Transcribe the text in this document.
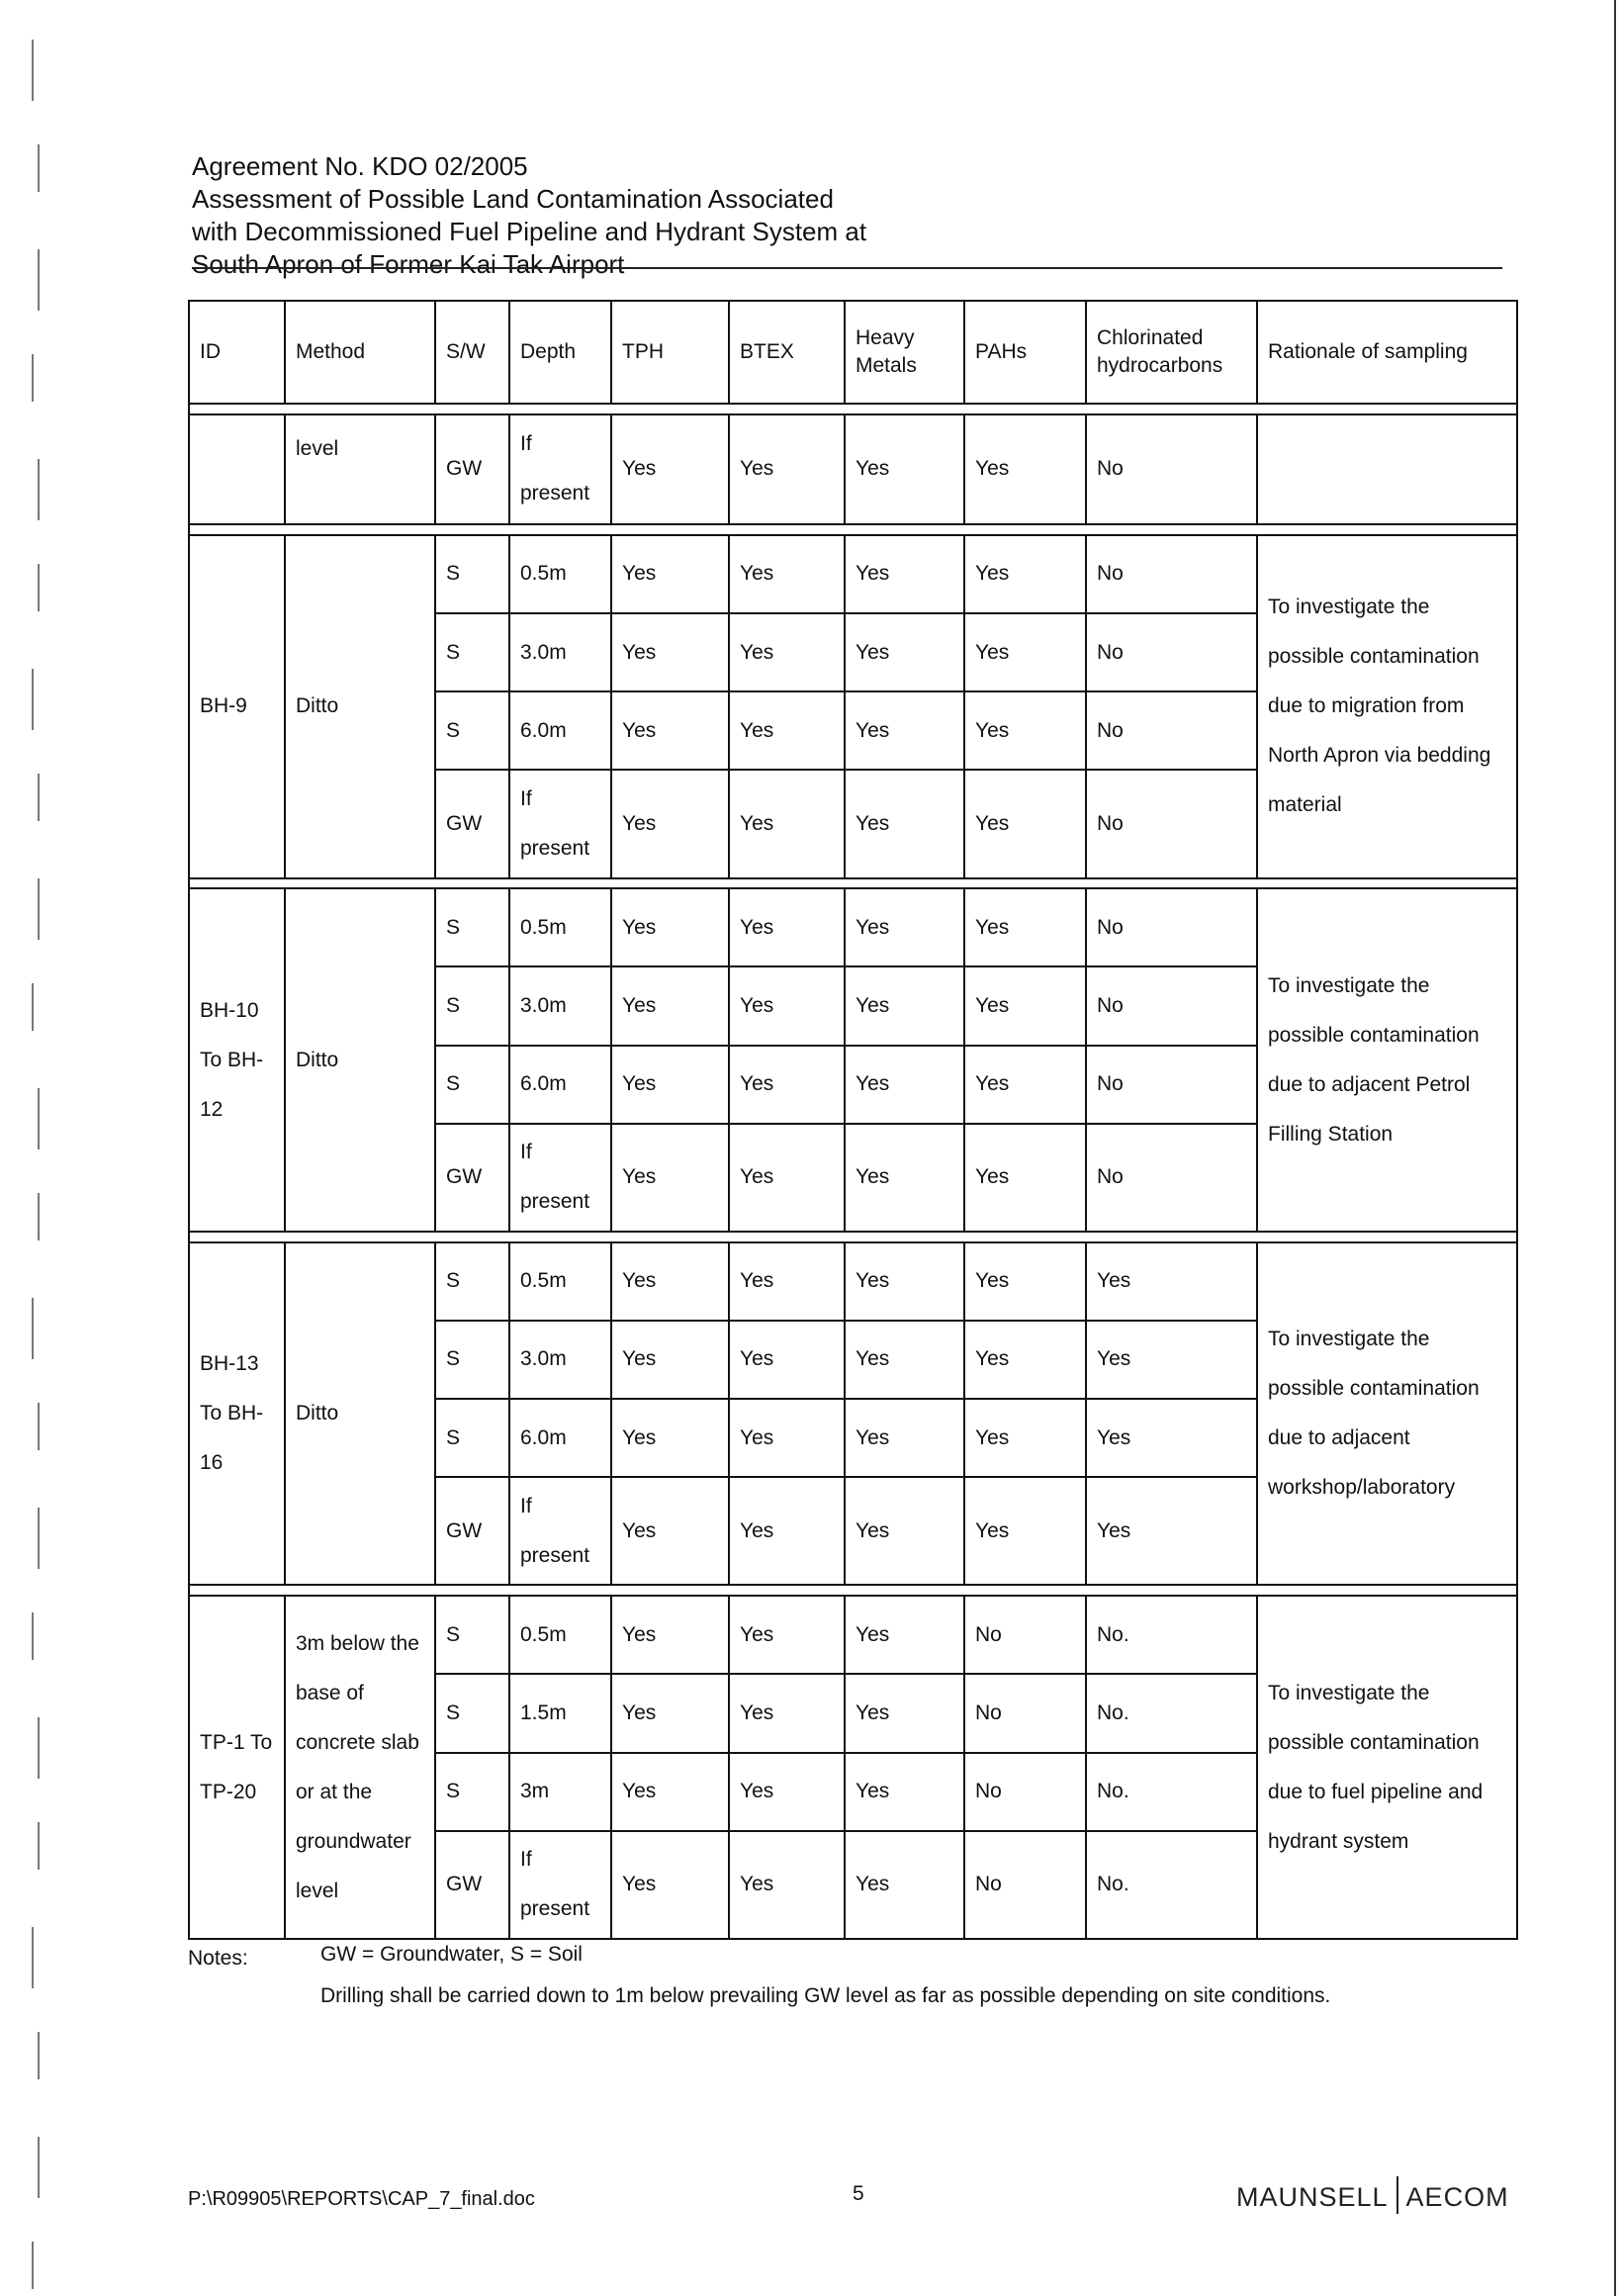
Agreement No. KDO 02/2005
Assessment of Possible Land Contamination Associated
with Decommissioned Fuel Pipeline and Hydrant System at
South Apron of Former Kai Tak Airport
ID	Method	S/W	Depth	TPH	BTEX	Heavy Metals	PAHs	Chlorinated hydrocarbons	Rationale of sampling

	level	GW	If present	Yes	Yes	Yes	Yes	No	

BH-9	Ditto	S	0.5m	Yes	Yes	Yes	Yes	No	To investigate the possible contamination due to migration from North Apron via bedding material
		S	3.0m	Yes	Yes	Yes	Yes	No	
		S	6.0m	Yes	Yes	Yes	Yes	No	
		GW	If present	Yes	Yes	Yes	Yes	No	

BH-10 To BH-12	Ditto	S	0.5m	Yes	Yes	Yes	Yes	No	To investigate the possible contamination due to adjacent Petrol Filling Station
		S	3.0m	Yes	Yes	Yes	Yes	No	
		S	6.0m	Yes	Yes	Yes	Yes	No	
		GW	If present	Yes	Yes	Yes	Yes	No	

BH-13 To BH-16	Ditto	S	0.5m	Yes	Yes	Yes	Yes	Yes	To investigate the possible contamination due to adjacent workshop/laboratory
		S	3.0m	Yes	Yes	Yes	Yes	Yes	
		S	6.0m	Yes	Yes	Yes	Yes	Yes	
		GW	If present	Yes	Yes	Yes	Yes	Yes	

TP-1 To TP-20	3m below the base of concrete slab or at the groundwater level	S	0.5m	Yes	Yes	Yes	No	No.	To investigate the possible contamination due to fuel pipeline and hydrant system
		S	1.5m	Yes	Yes	Yes	No	No.	
		S	3m	Yes	Yes	Yes	No	No.	
		GW	If present	Yes	Yes	Yes	No	No.	
Notes:	GW = Groundwater, S = Soil
Drilling shall be carried down to 1m below prevailing GW level as far as possible depending on site conditions.
P:\R09905\REPORTS\CAP_7_final.doc	5	MAUNSELL AECOM
